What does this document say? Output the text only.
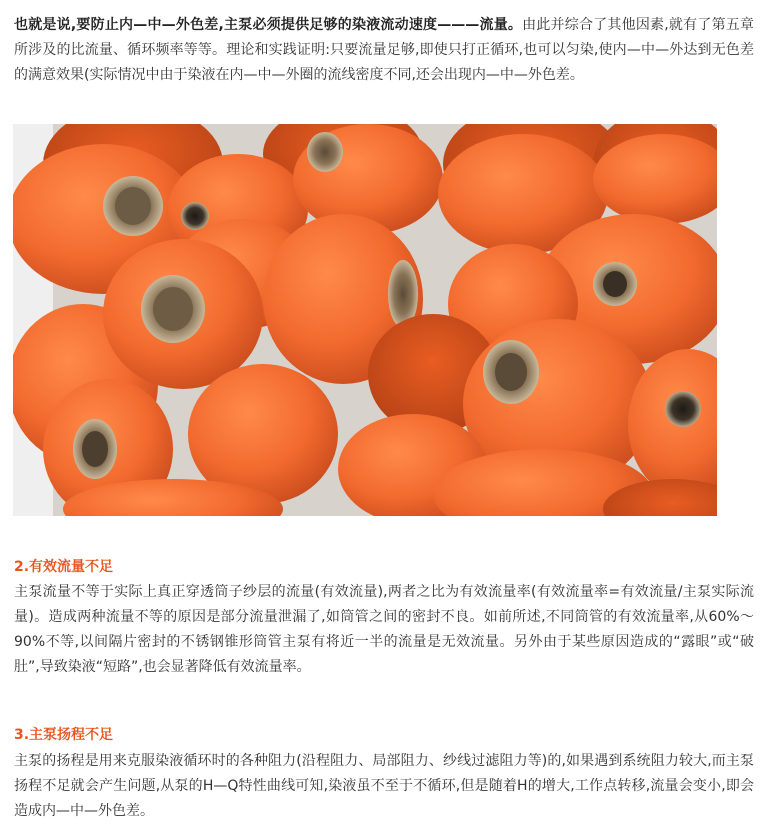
也就是说,要防止内—中—外色差,主泵必须提供足够的染液流动速度———流量。由此并综合了其他因素,就有了第五章所涉及的比流量、循环频率等等。理论和实践证明:只要流量足够,即使只打正循环,也可以匀染,使内—中—外达到无色差的满意效果(实际情况中由于染液在内—中—外圈的流线密度不同,还会出现内—中—外色差。

2.有效流量不足

主泵流量不等于实际上真正穿透筒子纱层的流量(有效流量),两者之比为有效流量率(有效流量率=有效流量/主泵实际流量)。造成两种流量不等的原因是部分流量泄漏了,如筒管之间的密封不良。如前所述,不同筒管的有效流量率,从60%～90%不等,以间隔片密封的不锈钢锥形筒管主泵有将近一半的流量是无效流量。另外由于某些原因造成的“露眼”或“破肚”,导致染液“短路”,也会显著降低有效流量率。

3.主泵扬程不足

主泵的扬程是用来克服染液循环时的各种阻力(沿程阻力、局部阻力、纱线过滤阻力等)的,如果遇到系统阻力较大,而主泵扬程不足就会产生问题,从泵的H—Q特性曲线可知,染液虽不至于不循环,但是随着H的增大,工作点转移,流量会变小,即会造成内—中—外色差。
